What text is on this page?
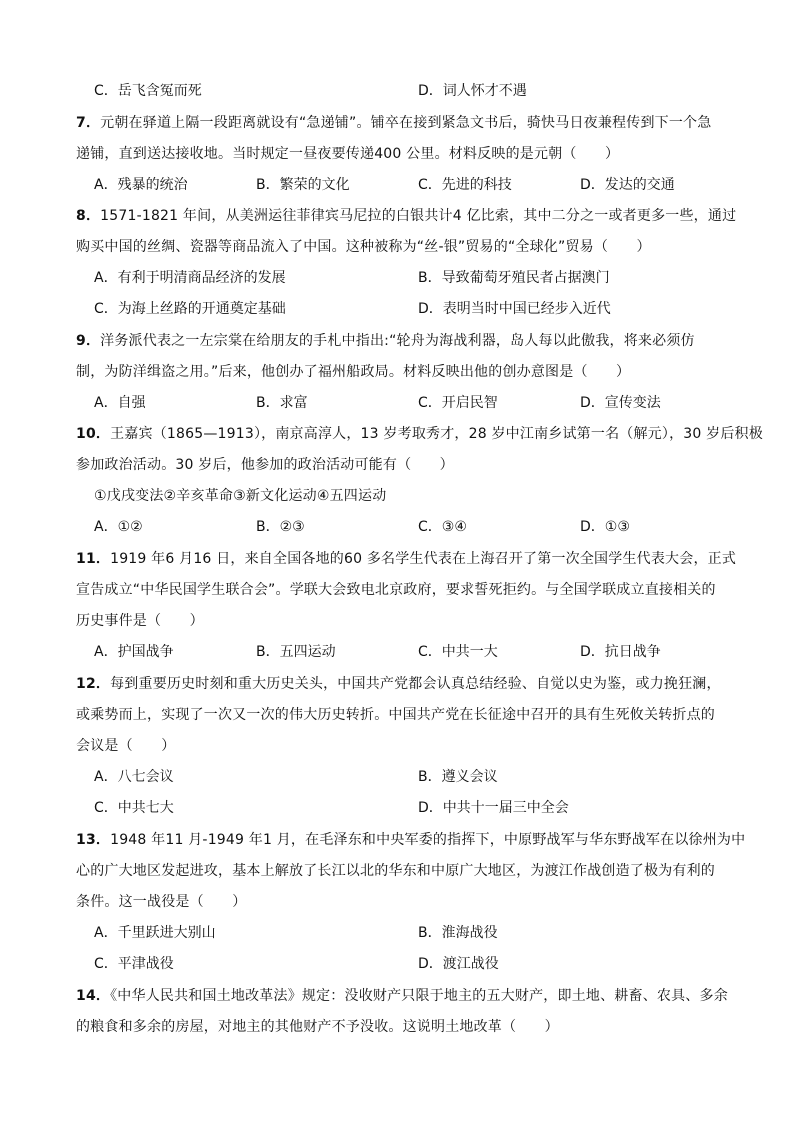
C．岳飞含冤而死	D．词人怀才不遇
7．元朝在驿道上隔一段距离就设有“急递铺”。铺卒在接到紧急文书后，骑快马日夜兼程传到下一个急
递铺，直到送达接收地。当时规定一昼夜要传递400 公里。材料反映的是元朝（　　）
A．残暴的统治	B．繁荣的文化	C．先进的科技	D．发达的交通
8．1571-1821 年间，从美洲运往菲律宾马尼拉的白银共计4 亿比索，其中二分之一或者更多一些，通过
购买中国的丝绸、瓷器等商品流入了中国。这种被称为“丝-银”贸易的“全球化”贸易（　　）
A．有利于明清商品经济的发展	B．导致葡萄牙殖民者占据澳门
C．为海上丝路的开通奠定基础	D．表明当时中国已经步入近代
9．洋务派代表之一左宗棠在给朋友的手札中指出:“轮舟为海战利器，岛人每以此傲我，将来必须仿
制，为防洋缉盗之用。”后来，他创办了福州船政局。材料反映出他的创办意图是（　　）
A．自强	B．求富	C．开启民智	D．宣传变法
10．王嘉宾（1865—1913），南京高淳人，13 岁考取秀才，28 岁中江南乡试第一名（解元），30 岁后积极
参加政治活动。30 岁后，他参加的政治活动可能有（　　）
①戊戌变法②辛亥革命③新文化运动④五四运动
A．①②	B．②③	C．③④	D．①③
11．1919 年6 月16 日，来自全国各地的60 多名学生代表在上海召开了第一次全国学生代表大会，正式
宣告成立“中华民国学生联合会”。学联大会致电北京政府，要求誓死拒约。与全国学联成立直接相关的
历史事件是（　　）
A．护国战争	B．五四运动	C．中共一大	D．抗日战争
12．每到重要历史时刻和重大历史关头，中国共产党都会认真总结经验、自觉以史为鉴，或力挽狂澜，
或乘势而上，实现了一次又一次的伟大历史转折。中国共产党在长征途中召开的具有生死攸关转折点的
会议是（　　）
A．八七会议	B．遵义会议
C．中共七大	D．中共十一届三中全会
13．1948 年11 月-1949 年1 月，在毛泽东和中央军委的指挥下，中原野战军与华东野战军在以徐州为中
心的广大地区发起进攻，基本上解放了长江以北的华东和中原广大地区，为渡江作战创造了极为有利的
条件。这一战役是（　　）
A．千里跃进大别山	B．淮海战役
C．平津战役	D．渡江战役
14．《中华人民共和国土地改革法》规定：没收财产只限于地主的五大财产，即土地、耕畜、农具、多余
的粮食和多余的房屋，对地主的其他财产不予没收。这说明土地改革（　　）
